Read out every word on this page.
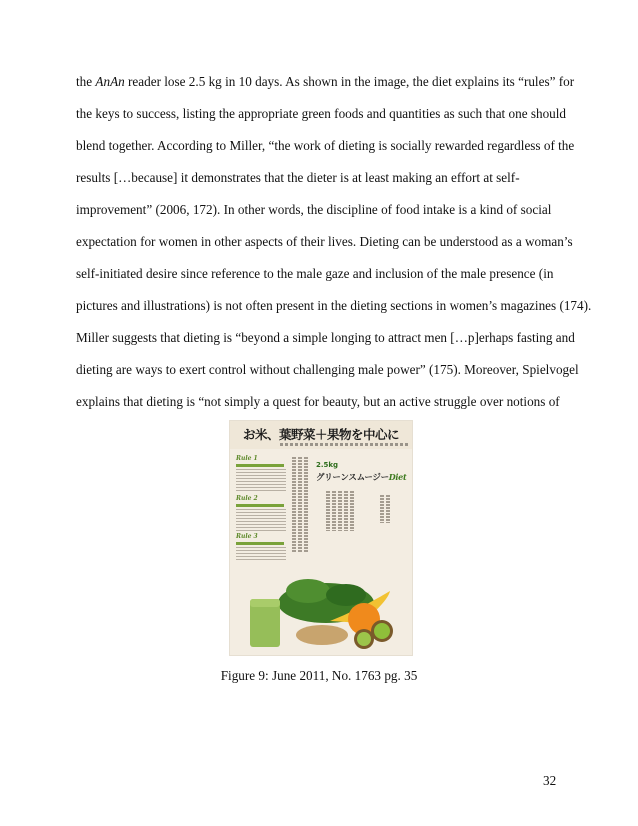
the AnAn reader lose 2.5 kg in 10 days. As shown in the image, the diet explains its “rules” for
the keys to success, listing the appropriate green foods and quantities as such that one should
blend together. According to Miller, “the work of dieting is socially rewarded regardless of the
results […because] it demonstrates that the dieter is at least making an effort at self-
improvement” (2006, 172). In other words, the discipline of food intake is a kind of social
expectation for women in other aspects of their lives. Dieting can be understood as a woman’s
self-initiated desire since reference to the male gaze and inclusion of the male presence (in
pictures and illustrations) is not often present in the dieting sections in women’s magazines (174).
Miller suggests that dieting is “beyond a simple longing to attract men […p]erhaps fasting and
dieting are ways to exert control without challenging male power” (175). Moreover, Spielvogel
explains that dieting is “not simply a quest for beauty, but an active struggle over notions of
お米、葉野菜＋果物を中心に
Rule 1
Rule 2
Rule 3
2.5kg
グリーンスムージーDiet
Figure 9: June 2011, No. 1763 pg. 35
32
